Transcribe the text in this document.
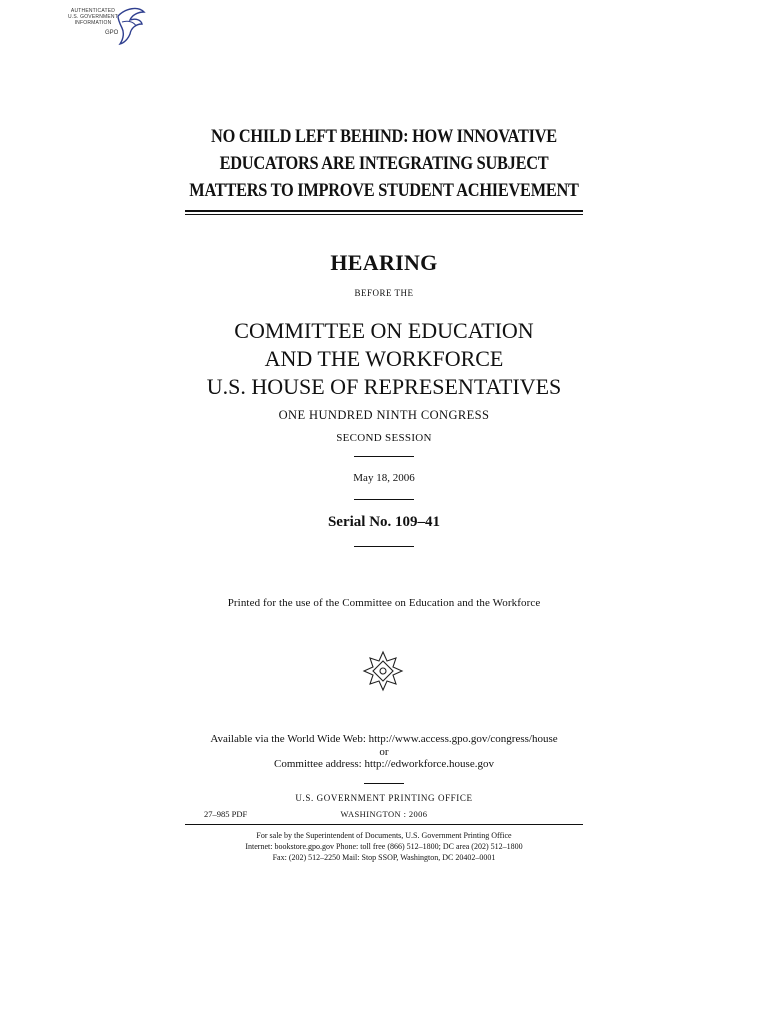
AUTHENTICATED
U.S. GOVERNMENT
INFORMATION
GPO
NO CHILD LEFT BEHIND: HOW INNOVATIVE
EDUCATORS ARE INTEGRATING SUBJECT
MATTERS TO IMPROVE STUDENT ACHIEVEMENT
HEARING
BEFORE THE
COMMITTEE ON EDUCATION
AND THE WORKFORCE
U.S. HOUSE OF REPRESENTATIVES
ONE HUNDRED NINTH CONGRESS
SECOND SESSION
May 18, 2006
Serial No. 109–41
Printed for the use of the Committee on Education and the Workforce
Available via the World Wide Web: http://www.access.gpo.gov/congress/house
or
Committee address: http://edworkforce.house.gov
U.S. GOVERNMENT PRINTING OFFICE
27–985 PDF	WASHINGTON : 2006
For sale by the Superintendent of Documents, U.S. Government Printing Office
Internet: bookstore.gpo.gov Phone: toll free (866) 512–1800; DC area (202) 512–1800
Fax: (202) 512–2250 Mail: Stop SSOP, Washington, DC 20402–0001
